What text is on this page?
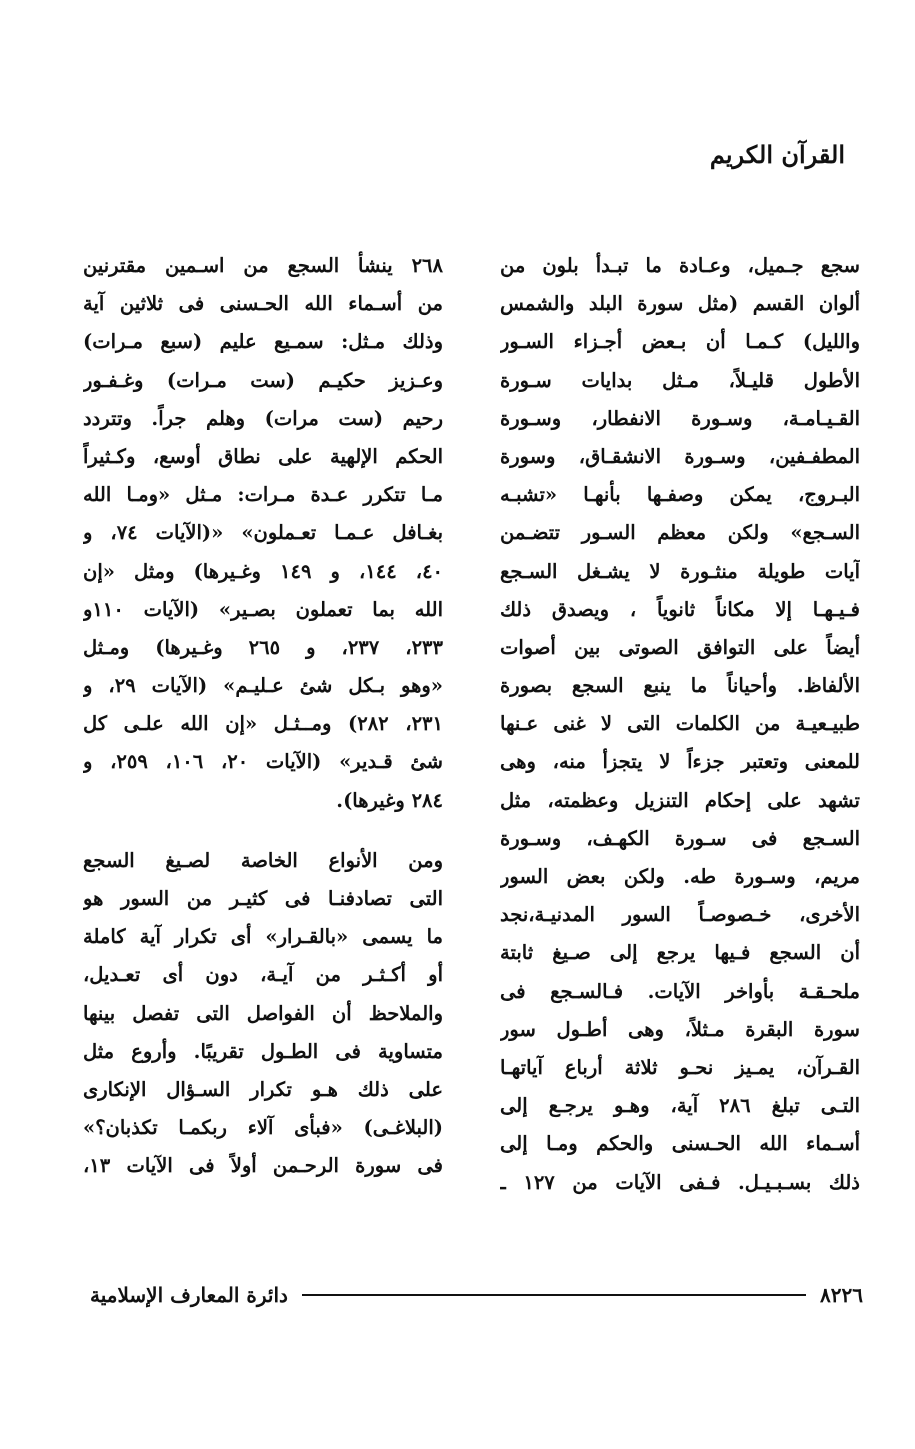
القرآن الكريم
سجع جـميل، وعـادة ما تبـدأ بلون من
ألوان القسم (مثل سورة البلد والشمس
والليل) كـمـا أن بـعض أجـزاء السـور
الأطول قليـلاً، مـثل بدايات سـورة
القـيـامـة، وسـورة الانفطار، وسـورة
المطفـفين، وسـورة الانشقـاق، وسورة
البـروج، يمكن وصفـها بأنهـا «تشبـه
السـجع» ولكن معظم السـور تتضـمن
آيات طويلة منثـورة لا يشـغل السـجع
فـيـهـا إلا مكاناً ثانوياً ، ويصدق ذلك
أيضاً على التوافق الصوتى بين أصوات
الألفاظ. وأحياناً ما ينبع السجع بصورة
طبيـعيـة من الكلمات التى لا غنى عـنها
للمعنى وتعتبر جزءاً لا يتجزأ منه، وهى
تشهد على إحكام التنزيل وعظمته، مثل
السـجع فى سـورة الكهـف، وسـورة
مريم، وسـورة طه. ولكن بعض السور
الأخرى، خـصوصـاً السور المدنيـة،نجد
أن السجع فـيها يرجع إلى صـيغ ثابتة
ملحـقـة بأواخر الآيات. فـالسـجع فى
سورة البقرة مـثلاً، وهى أطـول سور
القـرآن، يمـيز نحـو ثلاثة أرباع آياتهـا
التـى تبلغ ٢٨٦ آية، وهـو يرجـع إلى
أسـماء الله الحـسنى والحكم ومـا إلى
ذلك بسـبـيـل. فـفى الآيات من ١٢٧ ـ
٢٦٨ ينشأ السجع من اسـمين مقترنين
من أسـماء الله الحـسنى فى ثلاثين آية
وذلك مـثل: سمـيع عليم (سبع مـرات)
وعـزيز حكيـم (ست مـرات) وغـفـور
رحيم (ست مرات) وهلم جراً. وتتردد
الحكم الإلهية على نطاق أوسع، وكـثيراً
مـا تتكرر عـدة مـرات: مـثل «ومـا الله
بغـافل عـمـا تعـملون» «(الآيات ٧٤، و
٤٠، ١٤٤، و ١٤٩ وغـيرها) ومثل «إن
الله بما تعملون بصـير» (الآيات ١١٠و
٢٣٣، ٢٣٧، و ٢٦٥ وغـيرها) ومـثل
«وهو بـكل شئ عـليـم» (الآيات ٢٩، و
٢٣١، ٢٨٢) ومــثـل «إن الله علـى كل
شئ قـدير» (الآيات ٢٠، ١٠٦، ٢٥٩، و
٢٨٤ وغيرها).
ومن الأنواع الخاصة لصـيغ السجع
التى تصادفنـا فى كثيـر من السور هو
ما يسمى «بالقـرار» أى تكرار آية كاملة
أو أكـثـر من آيـة، دون أى تعـديل،
والملاحظ أن الفواصل التى تفصل بينها
متساوية فى الطـول تقريبًا. وأروع مثل
على ذلك هـو تكرار السـؤال الإنكارى
(البلاغـى) «فبأى آلاء ربكمـا تكذبان؟»
فى سورة الرحـمن أولاً فى الآيات ١٣،
٨٢٢٦
دائرة المعارف الإسلامية
